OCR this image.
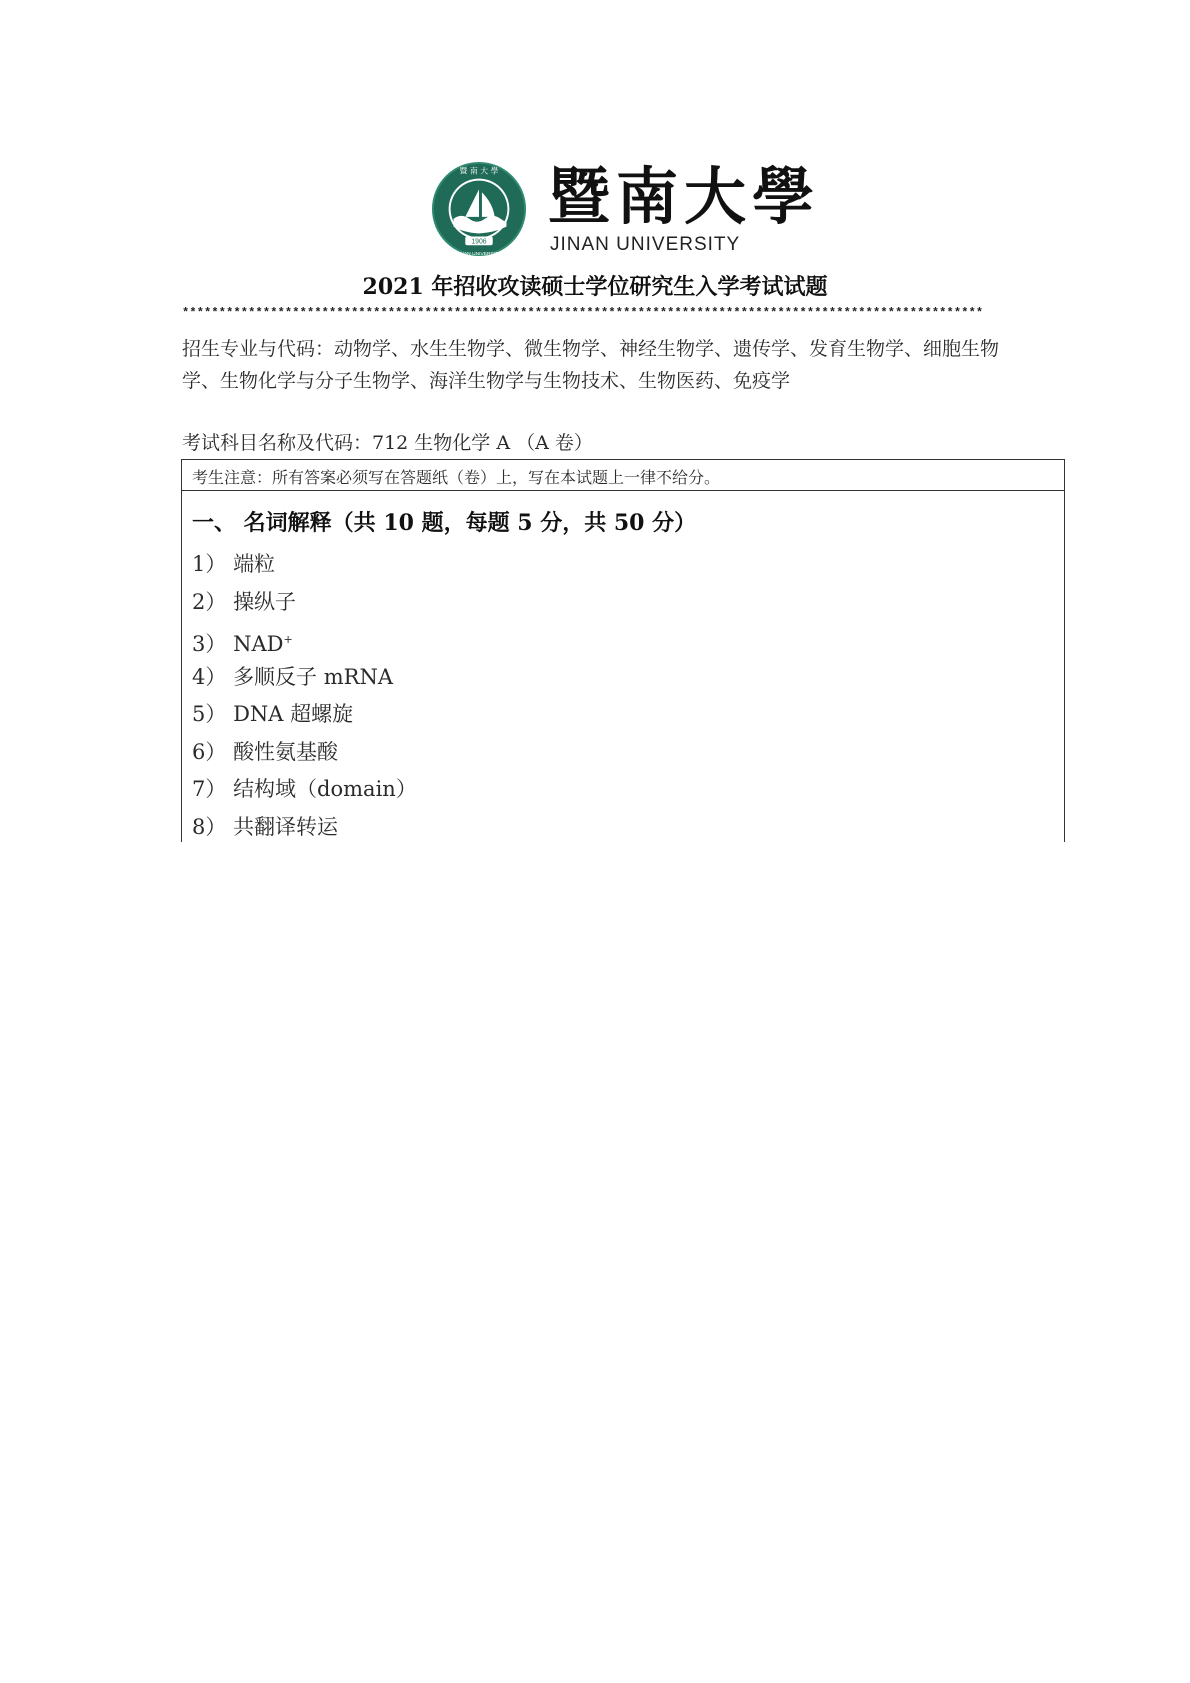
暨 南 大 學
1906
JINAN UNIVERSITY
暨南大學
JINAN UNIVERSITY
2021 年招收攻读硕士学位研究生入学考试试题
*************************************************************************************************************
招生专业与代码：动物学、水生生物学、微生物学、神经生物学、遗传学、发育生物学、细胞生物学、生物化学与分子生物学、海洋生物学与生物技术、生物医药、免疫学
考试科目名称及代码：712 生物化学 A （A 卷）
考生注意：所有答案必须写在答题纸（卷）上，写在本试题上一律不给分。
一、 名词解释（共 10 题，每题 5 分，共 50 分）
1） 端粒
2） 操纵子
3） NAD+
4） 多顺反子 mRNA
5） DNA 超螺旋
6） 酸性氨基酸
7） 结构域（domain）
8） 共翻译转运
